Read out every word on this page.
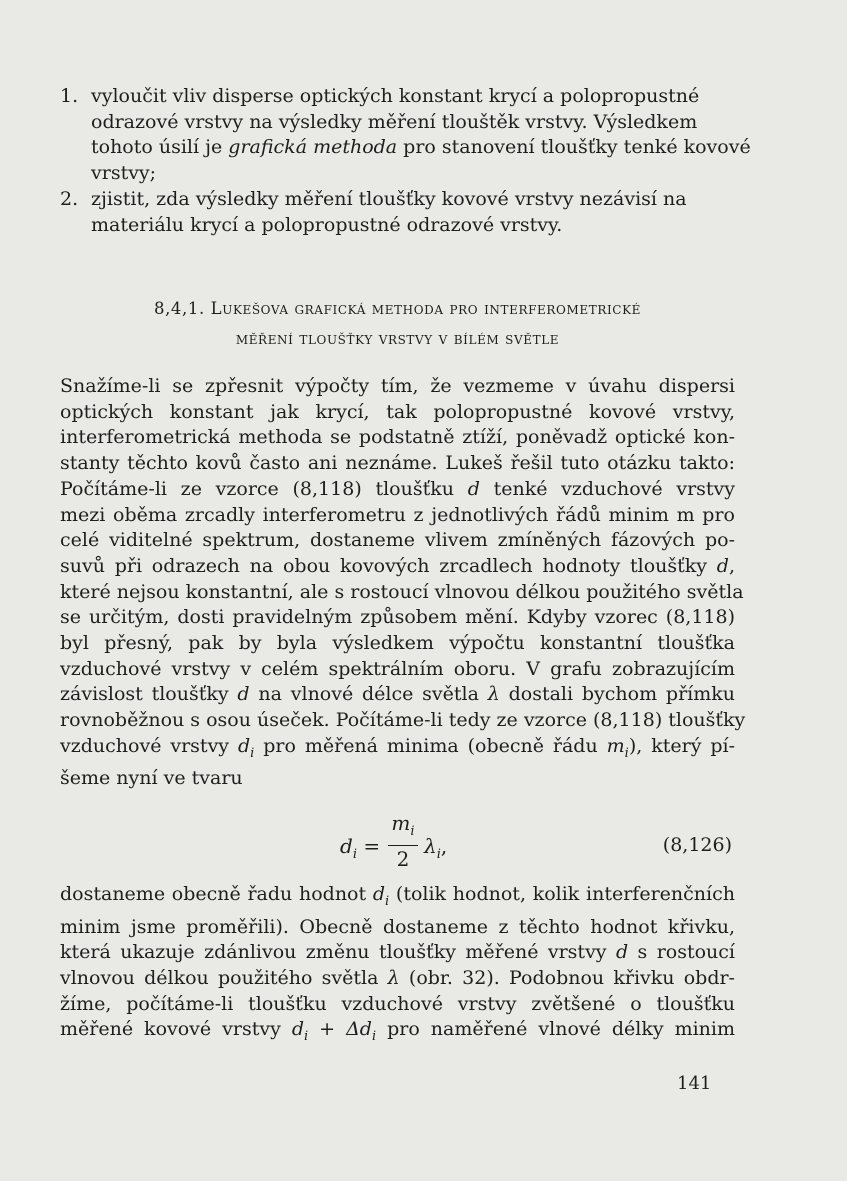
1. vyloučit vliv disperse optických konstant krycí a polopropustné
odrazové vrstvy na výsledky měření tlouštěk vrstvy. Výsledkem
tohoto úsilí je grafická methoda pro stanovení tloušťky tenké kovové
vrstvy;
2. zjistit, zda výsledky měření tloušťky kovové vrstvy nezávisí na
materiálu krycí a polopropustné odrazové vrstvy.
8,4,1. Lukešova grafická methoda pro interferometrické
měření tloušťky vrstvy v bílém světle
Snažíme-li se zpřesnit výpočty tím, že vezmeme v úvahu dispersi
optických konstant jak krycí, tak polopropustné kovové vrstvy,
interferometrická methoda se podstatně ztíží, poněvadž optické kon-
stanty těchto kovů často ani neznáme. Lukeš řešil tuto otázku takto:
Počítáme-li ze vzorce (8,118) tloušťku d tenké vzduchové vrstvy
mezi oběma zrcadly interferometru z jednotlivých řádů minim m pro
celé viditelné spektrum, dostaneme vlivem zmíněných fázových po-
suvů při odrazech na obou kovových zrcadlech hodnoty tloušťky d,
které nejsou konstantní, ale s rostoucí vlnovou délkou použitého světla
se určitým, dosti pravidelným způsobem mění. Kdyby vzorec (8,118)
byl přesný, pak by byla výsledkem výpočtu konstantní tloušťka
vzduchové vrstvy v celém spektrálním oboru. V grafu zobrazujícím
závislost tloušťky d na vlnové délce světla λ dostali bychom přímku
rovnoběžnou s osou úseček. Počítáme-li tedy ze vzorce (8,118) tloušťky
vzduchové vrstvy $d_i$ pro měřená minima (obecně řádu $m_i$), který pí-
šeme nyní ve tvaru
$d_i$ =
$m_i$
2
$\lambda_i$,	(8,126)
dostaneme obecně řadu hodnot $d_i$ (tolik hodnot, kolik interferenčních
minim jsme proměřili). Obecně dostaneme z těchto hodnot křivku,
která ukazuje zdánlivou změnu tloušťky měřené vrstvy d s rostoucí
vlnovou délkou použitého světla λ (obr. 32). Podobnou křivku obdr-
žíme, počítáme-li tloušťku vzduchové vrstvy zvětšené o tloušťku
měřené kovové vrstvy $d_i + \Delta d_i$ pro naměřené vlnové délky minim
141
